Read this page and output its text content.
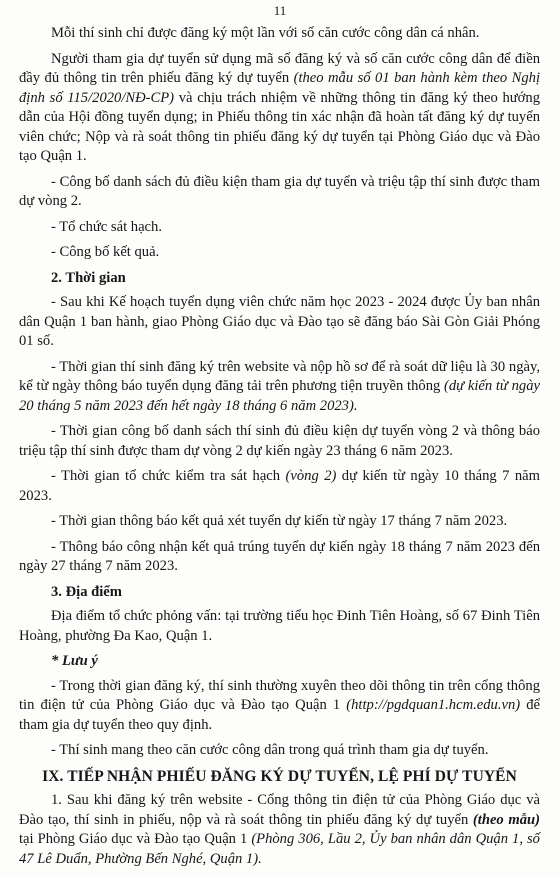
11

Mỗi thí sinh chỉ được đăng ký một lần với số căn cước công dân cá nhân.

Người tham gia dự tuyển sử dụng mã số đăng ký và số căn cước công dân để điền đầy đủ thông tin trên phiếu đăng ký dự tuyển (theo mẫu số 01 ban hành kèm theo Nghị định số 115/2020/NĐ-CP) và chịu trách nhiệm về những thông tin đăng ký theo hướng dẫn của Hội đồng tuyển dụng; in Phiếu thông tin xác nhận đã hoàn tất đăng ký dự tuyển viên chức; Nộp và rà soát thông tin phiếu đăng ký dự tuyển tại Phòng Giáo dục và Đào tạo Quận 1.

- Công bố danh sách đủ điều kiện tham gia dự tuyển và triệu tập thí sinh được tham dự vòng 2.

- Tổ chức sát hạch.

- Công bố kết quả.

2. Thời gian

- Sau khi Kế hoạch tuyển dụng viên chức năm học 2023 - 2024 được Ủy ban nhân dân Quận 1 ban hành, giao Phòng Giáo dục và Đào tạo sẽ đăng báo Sài Gòn Giải Phóng 01 số.

- Thời gian thí sinh đăng ký trên website và nộp hồ sơ để rà soát dữ liệu là 30 ngày, kể từ ngày thông báo tuyển dụng đăng tải trên phương tiện truyền thông (dự kiến từ ngày 20 tháng 5 năm 2023 đến hết ngày 18 tháng 6 năm 2023).

- Thời gian công bố danh sách thí sinh đủ điều kiện dự tuyển vòng 2 và thông báo triệu tập thí sinh được tham dự vòng 2 dự kiến ngày 23 tháng 6 năm 2023.

- Thời gian tổ chức kiểm tra sát hạch (vòng 2) dự kiến từ ngày 10 tháng 7 năm 2023.

- Thời gian thông báo kết quả xét tuyển dự kiến từ ngày 17 tháng 7 năm 2023.

- Thông báo công nhận kết quả trúng tuyển dự kiến ngày 18 tháng 7 năm 2023 đến ngày 27 tháng 7 năm 2023.

3. Địa điểm

Địa điểm tổ chức phỏng vấn: tại trường tiểu học Đinh Tiên Hoàng, số 67 Đinh Tiên Hoàng, phường Đa Kao, Quận 1.

* Lưu ý

- Trong thời gian đăng ký, thí sinh thường xuyên theo dõi thông tin trên cổng thông tin điện tử của Phòng Giáo dục và Đào tạo Quận 1 (http://pgdquan1.hcm.edu.vn) để tham gia dự tuyển theo quy định.

- Thí sinh mang theo căn cước công dân trong quá trình tham gia dự tuyển.

IX. TIẾP NHẬN PHIẾU ĐĂNG KÝ DỰ TUYỂN, LỆ PHÍ DỰ TUYỂN

1. Sau khi đăng ký trên website - Cổng thông tin điện tử của Phòng Giáo dục và Đào tạo, thí sinh in phiếu, nộp và rà soát thông tin phiếu đăng ký dự tuyển (theo mẫu) tại Phòng Giáo dục và Đào tạo Quận 1 (Phòng 306, Lầu 2, Ủy ban nhân dân Quận 1, số 47 Lê Duẩn, Phường Bến Nghé, Quận 1).
